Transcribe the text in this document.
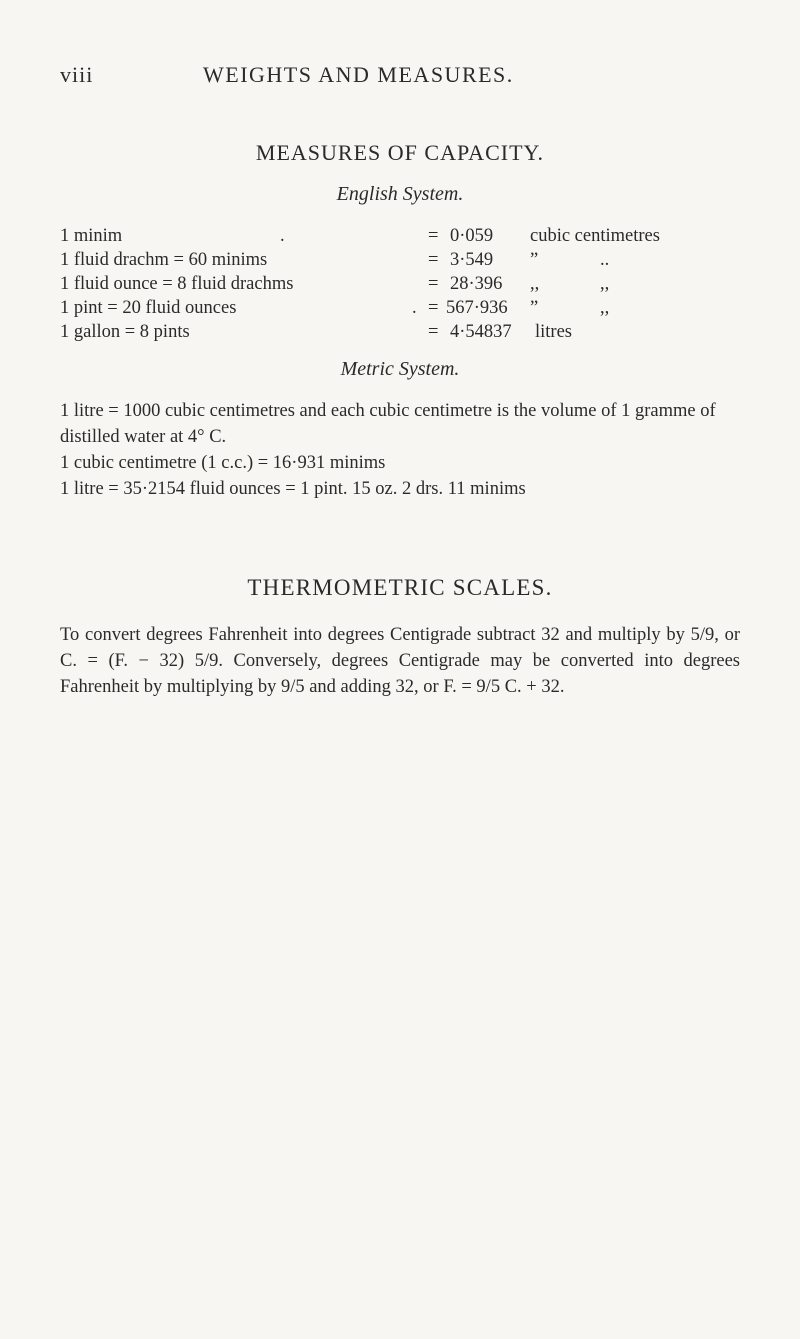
viii	WEIGHTS AND MEASURES.
MEASURES OF CAPACITY.
English System.
1 minim	.	= 0·059 cubic centimetres
1 fluid drachm = 60 minims	= 3·549 ”	..
1 fluid ounce = 8 fluid drachms	= 28·396 ,,	,,
1 pint = 20 fluid ounces	. = 567·936 ”	,,
1 gallon = 8 pints	= 4·54837 litres
Metric System.

1 litre = 1000 cubic centimetres and each cubic centimetre is the volume of 1 gramme of distilled water at 4° C.

1 cubic centimetre (1 c.c.) = 16·931 minims

1 litre = 35·2154 fluid ounces = 1 pint. 15 oz. 2 drs. 11 minims

THERMOMETRIC SCALES.
To convert degrees Fahrenheit into degrees Centigrade subtract 32 and multiply by 5/9, or C. = (F. − 32) 5/9. Conversely, degrees Centigrade may be converted into degrees Fahrenheit by multiplying by 9/5 and adding 32, or F. = 9/5 C. + 32.
